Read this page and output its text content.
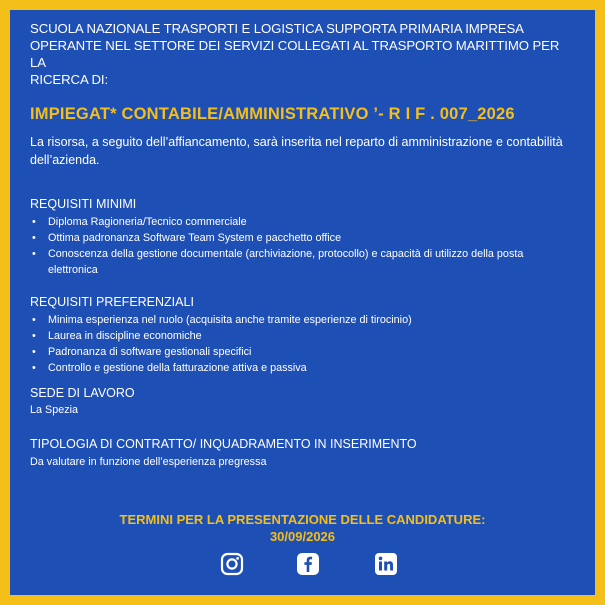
SCUOLA NAZIONALE TRASPORTI E LOGISTICA SUPPORTA PRIMARIA IMPRESA
OPERANTE NEL SETTORE DEI SERVIZI COLLEGATI AL TRASPORTO MARITTIMO PER LA
RICERCA DI:
IMPIEGAT* CONTABILE/AMMINISTRATIVO ’- R I F . 007_2026
La risorsa, a seguito dell’affiancamento, sarà inserita nel reparto di amministrazione e contabilità dell’azienda.
REQUISITI MINIMI
• Diploma Ragioneria/Tecnico commerciale
• Ottima padronanza Software Team System e pacchetto office
• Conoscenza della gestione documentale (archiviazione, protocollo) e capacità di utilizzo della posta elettronica
REQUISITI PREFERENZIALI
• Minima esperienza nel ruolo (acquisita anche tramite esperienze di tirocinio)
• Laurea in discipline economiche
• Padronanza di software gestionali specifici
• Controllo e gestione della fatturazione attiva e passiva
SEDE DI LAVORO
La Spezia
TIPOLOGIA DI CONTRATTO/ INQUADRAMENTO IN INSERIMENTO
Da valutare in funzione dell’esperienza pregressa
TERMINI PER LA PRESENTAZIONE DELLE CANDIDATURE:
30/09/2026
